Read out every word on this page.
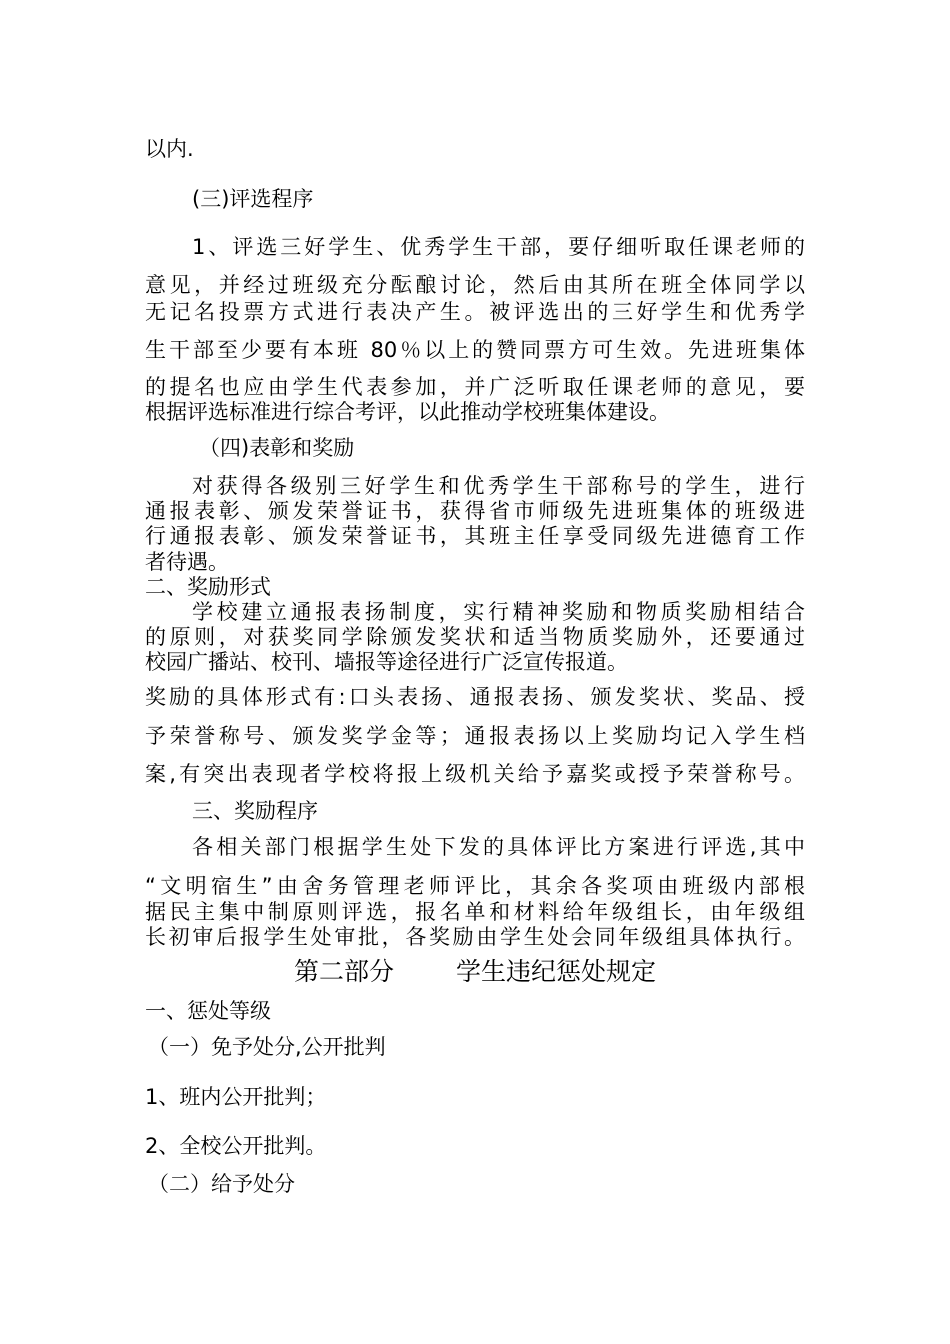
以内.
(三)评选程序
1、评选三好学生、优秀学生干部，要仔细听取任课老师的
意见，并经过班级充分酝酿讨论，然后由其所在班全体同学以
无记名投票方式进行表决产生。被评选出的三好学生和优秀学
生干部至少要有本班 80％以上的赞同票方可生效。先进班集体
的提名也应由学生代表参加，并广泛听取任课老师的意见，要
根据评选标准进行综合考评，以此推动学校班集体建设。
（四)表彰和奖励
对获得各级别三好学生和优秀学生干部称号的学生，进行
通报表彰、颁发荣誉证书，获得省市师级先进班集体的班级进
行通报表彰、颁发荣誉证书，其班主任享受同级先进德育工作
者待遇。
二、奖励形式
学校建立通报表扬制度，实行精神奖励和物质奖励相结合
的原则，对获奖同学除颁发奖状和适当物质奖励外，还要通过
校园广播站、校刊、墙报等途径进行广泛宣传报道。
奖励的具体形式有:口头表扬、通报表扬、颁发奖状、奖品、授
予荣誉称号、颁发奖学金等；通报表扬以上奖励均记入学生档
案,有突出表现者学校将报上级机关给予嘉奖或授予荣誉称号。
三、奖励程序
各相关部门根据学生处下发的具体评比方案进行评选,其中
“文明宿生”由舍务管理老师评比，其余各奖项由班级内部根
据民主集中制原则评选，报名单和材料给年级组长，由年级组
长初审后报学生处审批，各奖励由学生处会同年级组具体执行。
第二部分 学生违纪惩处规定
一、惩处等级
（一）免予处分,公开批判
1、班内公开批判；
2、全校公开批判。
（二）给予处分
